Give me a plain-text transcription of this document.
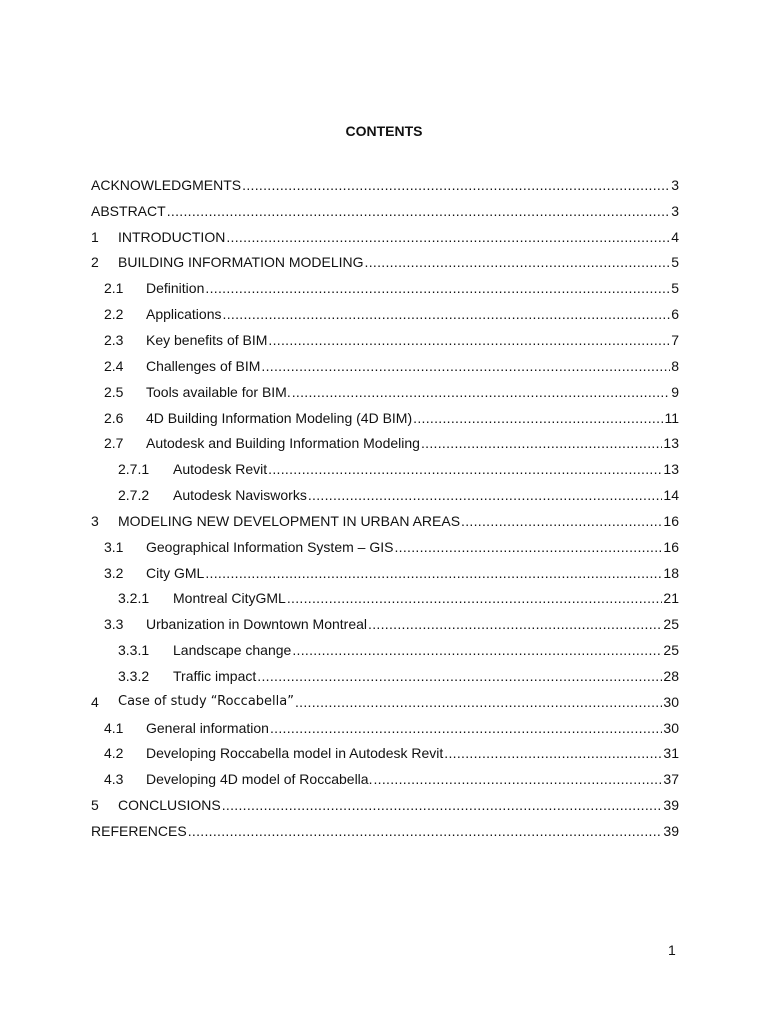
CONTENTS
ACKNOWLEDGMENTS .....	3
ABSTRACT .....	3
1	INTRODUCTION .....	4
2	BUILDING INFORMATION MODELING .....	5
2.1	Definition .....	5
2.2	Applications .....	6
2.3	Key benefits of BIM .....	7
2.4	Challenges of BIM .....	8
2.5	Tools available for BIM. .....	9
2.6	4D Building Information Modeling (4D BIM) .....	11
2.7	Autodesk and Building Information Modeling .....	13
2.7.1	Autodesk Revit .....	13
2.7.2	Autodesk Navisworks .....	14
3	MODELING NEW DEVELOPMENT IN URBAN AREAS .....	16
3.1	Geographical Information System – GIS .....	16
3.2	City GML .....	18
3.2.1	Montreal CityGML .....	21
3.3	Urbanization in Downtown Montreal .....	25
3.3.1	Landscape change .....	25
3.3.2	Traffic impact .....	28
4	Case of study “Roccabella” .....	30
4.1	General information .....	30
4.2	Developing Roccabella model in Autodesk Revit .....	31
4.3	Developing 4D model of Roccabella. .....	37
5	CONCLUSIONS .....	39
REFERENCES .....	39
1
